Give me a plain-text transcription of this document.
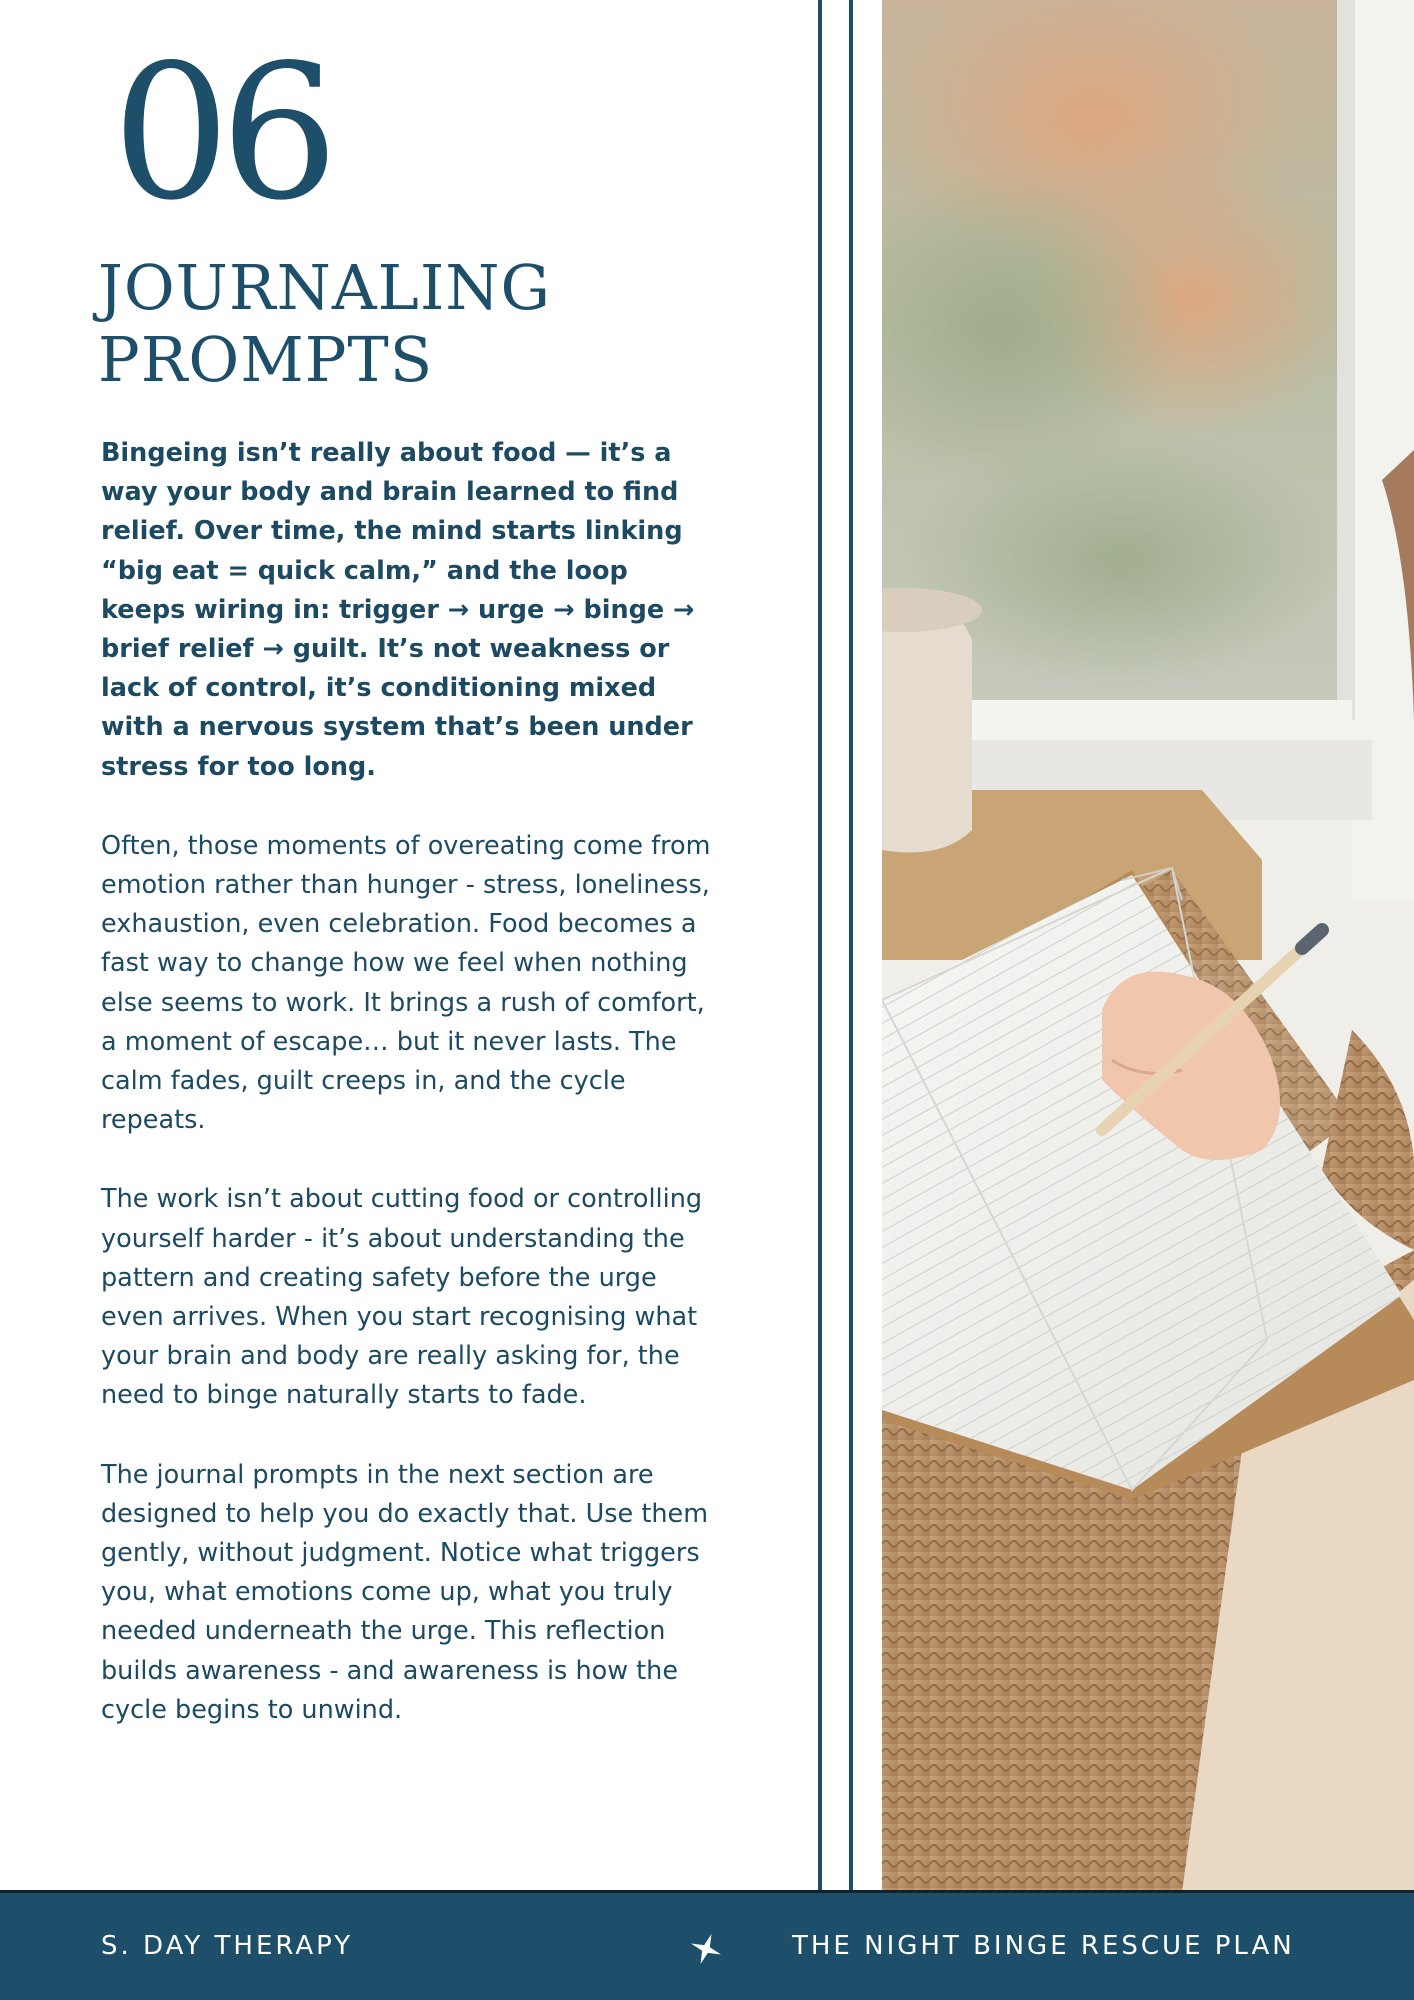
06
JOURNALING
PROMPTS

Bingeing isn’t really about food — it’s a way your body and brain learned to find relief. Over time, the mind starts linking “big eat = quick calm,” and the loop keeps wiring in: trigger → urge → binge → brief relief → guilt. It’s not weakness or lack of control, it’s conditioning mixed with a nervous system that’s been under stress for too long.

Often, those moments of overeating come from emotion rather than hunger - stress, loneliness, exhaustion, even celebration. Food becomes a fast way to change how we feel when nothing else seems to work. It brings a rush of comfort, a moment of escape… but it never lasts. The calm fades, guilt creeps in, and the cycle repeats.

The work isn’t about cutting food or controlling yourself harder - it’s about understanding the pattern and creating safety before the urge even arrives. When you start recognising what your brain and body are really asking for, the need to binge naturally starts to fade.

The journal prompts in the next section are designed to help you do exactly that. Use them gently, without judgment. Notice what triggers you, what emotions come up, what you truly needed underneath the urge. This reflection builds awareness - and awareness is how the cycle begins to unwind.

S. DAY THERAPY	THE NIGHT BINGE RESCUE PLAN
